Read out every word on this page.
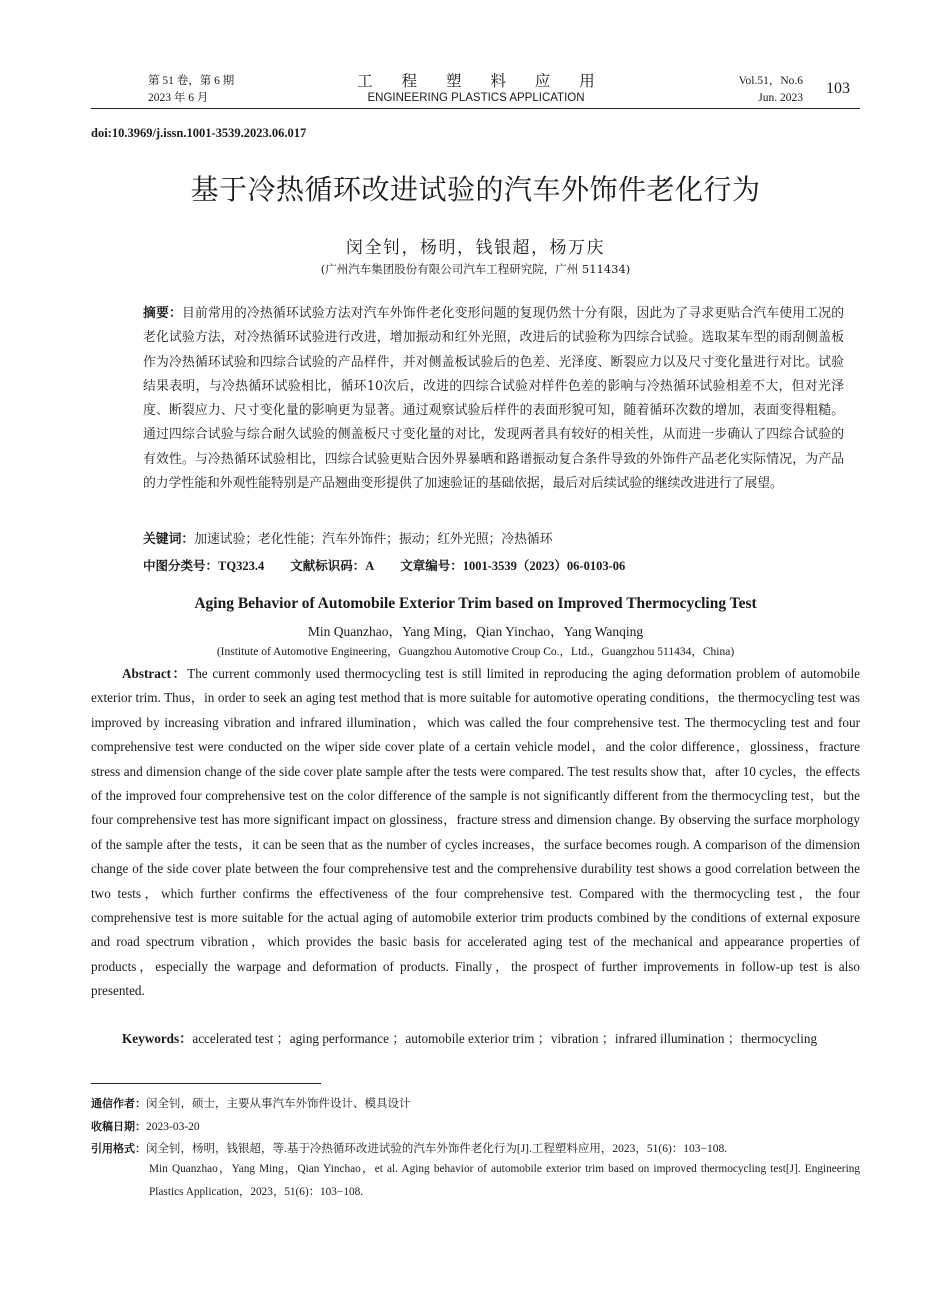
第 51 卷，第 6 期
2023 年 6 月
工 程 塑 料 应 用
ENGINEERING PLASTICS APPLICATION
Vol.51，No.6
Jun. 2023
103
doi:10.3969/j.issn.1001-3539.2023.06.017
基于冷热循环改进试验的汽车外饰件老化行为
闵全钊，杨明，钱银超，杨万庆
(广州汽车集团股份有限公司汽车工程研究院，广州 511434)
摘要：目前常用的冷热循环试验方法对汽车外饰件老化变形问题的复现仍然十分有限，因此为了寻求更贴合汽车使用工况的老化试验方法，对冷热循环试验进行改进，增加振动和红外光照，改进后的试验称为四综合试验。选取某车型的雨刮侧盖板作为冷热循环试验和四综合试验的产品样件，并对侧盖板试验后的色差、光泽度、断裂应力以及尺寸变化量进行对比。试验结果表明，与冷热循环试验相比，循环10次后，改进的四综合试验对样件色差的影响与冷热循环试验相差不大，但对光泽度、断裂应力、尺寸变化量的影响更为显著。通过观察试验后样件的表面形貌可知，随着循环次数的增加，表面变得粗糙。通过四综合试验与综合耐久试验的侧盖板尺寸变化量的对比，发现两者具有较好的相关性，从而进一步确认了四综合试验的有效性。与冷热循环试验相比，四综合试验更贴合因外界暴晒和路谱振动复合条件导致的外饰件产品老化实际情况，为产品的力学性能和外观性能特别是产品翘曲变形提供了加速验证的基础依据，最后对后续试验的继续改进进行了展望。
关键词：加速试验；老化性能；汽车外饰件；振动；红外光照；冷热循环
中图分类号：TQ323.4 文献标识码：A 文章编号：1001-3539（2023）06-0103-06
Aging Behavior of Automobile Exterior Trim based on Improved Thermocycling Test
Min Quanzhao，Yang Ming，Qian Yinchao，Yang Wanqing
(Institute of Automotive Engineering，Guangzhou Automotive Croup Co.，Ltd.，Guangzhou 511434，China)
Abstract：The current commonly used thermocycling test is still limited in reproducing the aging deformation problem of automobile exterior trim. Thus，in order to seek an aging test method that is more suitable for automotive operating conditions，the thermocycling test was improved by increasing vibration and infrared illumination，which was called the four comprehensive test. The thermocycling test and four comprehensive test were conducted on the wiper side cover plate of a certain vehicle model，and the color difference，glossiness，fracture stress and dimension change of the side cover plate sample after the tests were compared. The test results show that，after 10 cycles，the effects of the improved four comprehensive test on the color difference of the sample is not significantly different from the thermocycling test，but the four comprehensive test has more significant impact on glossiness，fracture stress and dimension change. By observing the surface morphology of the sample after the tests，it can be seen that as the number of cycles increases，the surface becomes rough. A comparison of the dimension change of the side cover plate between the four comprehensive test and the comprehensive durability test shows a good correlation between the two tests，which further confirms the effectiveness of the four comprehensive test. Compared with the thermocycling test，the four comprehensive test is more suitable for the actual aging of automobile exterior trim products combined by the conditions of external exposure and road spectrum vibration，which provides the basic basis for accelerated aging test of the mechanical and appearance properties of products，especially the warpage and deformation of products. Finally，the prospect of further improvements in follow-up test is also presented.
Keywords：accelerated test ；aging performance ；automobile exterior trim ；vibration ；infrared illumination ；thermocycling
通信作者：闵全钊，硕士，主要从事汽车外饰件设计、模具设计
收稿日期：2023-03-20
引用格式：闵全钊，杨明，钱银超，等.基于冷热循环改进试验的汽车外饰件老化行为[J].工程塑料应用，2023，51(6)：103−108.
Min Quanzhao，Yang Ming，Qian Yinchao，et al. Aging behavior of automobile exterior trim based on improved thermocycling test[J]. Engineering Plastics Application，2023，51(6)：103−108.
